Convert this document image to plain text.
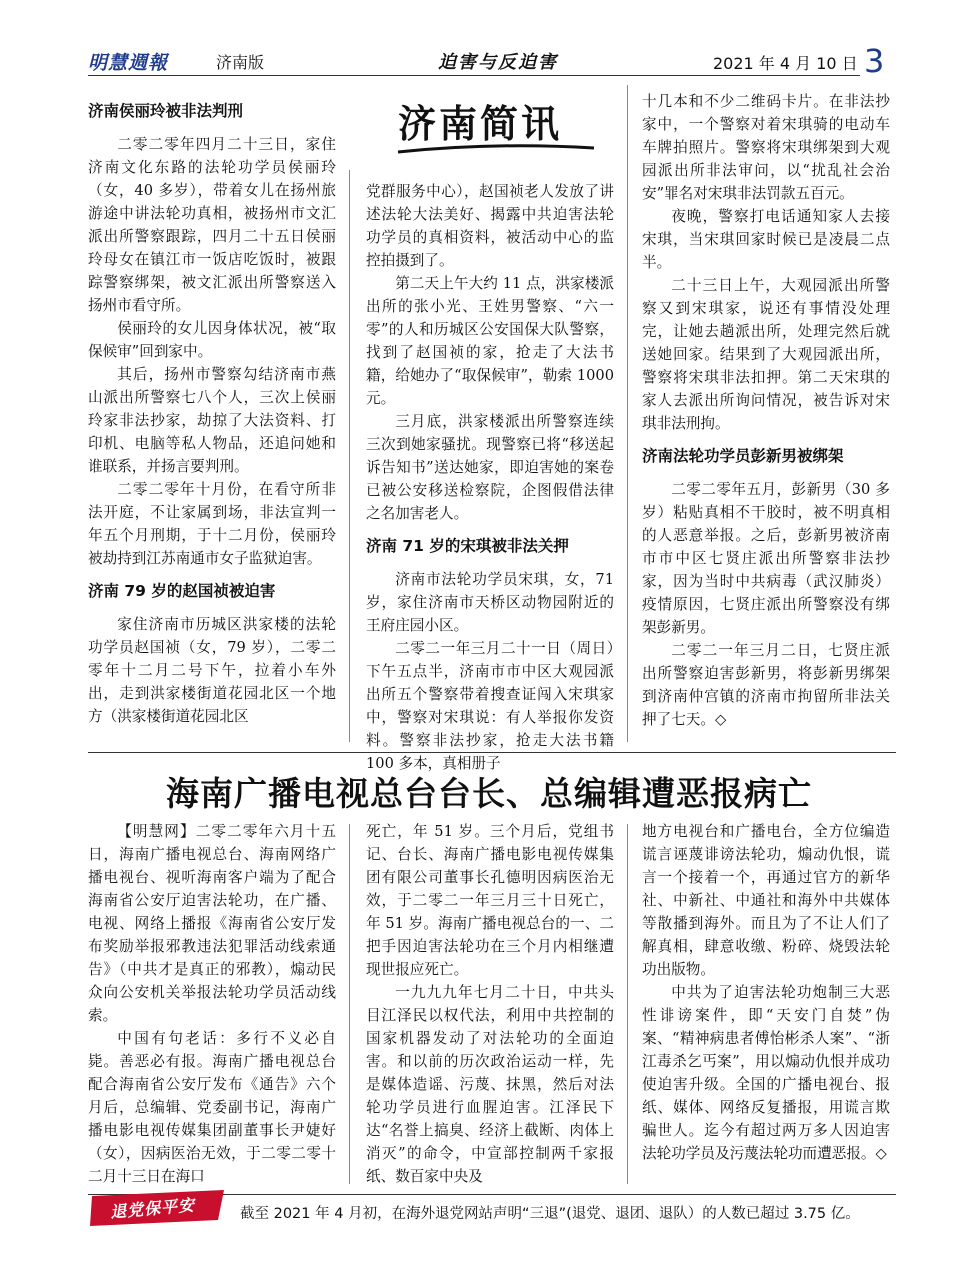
明慧週報	济南版	迫害与反迫害	2021 年 4 月 10 日 3
济南简讯
济南侯丽玲被非法判刑

二零二零年四月二十三日，家住济南文化东路的法轮功学员侯丽玲（女，40 多岁），带着女儿在扬州旅游途中讲法轮功真相，被扬州市文汇派出所警察跟踪，四月二十五日侯丽玲母女在镇江市一饭店吃饭时，被跟踪警察绑架，被文汇派出所警察送入扬州市看守所。

侯丽玲的女儿因身体状况，被“取保候审”回到家中。

其后，扬州市警察勾结济南市燕山派出所警察七八个人，三次上侯丽玲家非法抄家，劫掠了大法资料、打印机、电脑等私人物品，还追问她和谁联系，并扬言要判刑。

二零二零年十月份，在看守所非法开庭，不让家属到场，非法宣判一年五个月刑期，于十二月份，侯丽玲被劫持到江苏南通市女子监狱迫害。

济南 79 岁的赵国祯被迫害

家住济南市历城区洪家楼的法轮功学员赵国祯（女，79 岁），二零二零年十二月二号下午，拉着小车外出，走到洪家楼街道花园北区一个地方（洪家楼街道花园北区

党群服务中心），赵国祯老人发放了讲述法轮大法美好、揭露中共迫害法轮功学员的真相资料，被活动中心的监控拍摄到了。

第二天上午大约 11 点，洪家楼派出所的张小光、王姓男警察、“六一零”的人和历城区公安国保大队警察，找到了赵国祯的家，抢走了大法书籍，给她办了“取保候审”，勒索 1000 元。

三月底，洪家楼派出所警察连续三次到她家骚扰。现警察已将“移送起诉告知书”送达她家，即迫害她的案卷已被公安移送检察院，企图假借法律之名加害老人。

济南 71 岁的宋琪被非法关押

济南市法轮功学员宋琪，女，71 岁，家住济南市天桥区动物园附近的王府庄园小区。

二零二一年三月二十一日（周日）下午五点半，济南市市中区大观园派出所五个警察带着搜查证闯入宋琪家中，警察对宋琪说：有人举报你发资料。警察非法抄家，抢走大法书籍 100 多本，真相册子

十几本和不少二维码卡片。在非法抄家中，一个警察对着宋琪骑的电动车车牌拍照片。警察将宋琪绑架到大观园派出所非法审问，以“扰乱社会治安”罪名对宋琪非法罚款五百元。

夜晚，警察打电话通知家人去接宋琪，当宋琪回家时候已是凌晨二点半。

二十三日上午，大观园派出所警察又到宋琪家，说还有事情没处理完，让她去趟派出所，处理完然后就送她回家。结果到了大观园派出所，警察将宋琪非法扣押。第二天宋琪的家人去派出所询问情况，被告诉对宋琪非法刑拘。

济南法轮功学员彭新男被绑架

二零二零年五月，彭新男（30 多岁）粘贴真相不干胶时，被不明真相的人恶意举报。之后，彭新男被济南市市中区七贤庄派出所警察非法抄家，因为当时中共病毒（武汉肺炎）疫情原因，七贤庄派出所警察没有绑架彭新男。

二零二一年三月二日，七贤庄派出所警察迫害彭新男，将彭新男绑架到济南仲宫镇的济南市拘留所非法关押了七天。◇

海南广播电视总台台长、总编辑遭恶报病亡

【明慧网】二零二零年六月十五日，海南广播电视总台、海南网络广播电视台、视听海南客户端为了配合海南省公安厅迫害法轮功，在广播、电视、网络上播报《海南省公安厅发布奖励举报邪教违法犯罪活动线索通告》（中共才是真正的邪教），煽动民众向公安机关举报法轮功学员活动线索。

中国有句老话：多行不义必自毙。善恶必有报。海南广播电视总台配合海南省公安厅发布《通告》六个月后，总编辑、党委副书记，海南广播电影电视传媒集团副董事长尹婕好（女），因病医治无效，于二零二零十二月十三日在海口

死亡，年 51 岁。三个月后，党组书记、台长、海南广播电影电视传媒集团有限公司董事长孔德明因病医治无效，于二零二一年三月三十日死亡，年 51 岁。海南广播电视总台的一、二把手因迫害法轮功在三个月内相继遭现世报应死亡。

一九九九年七月二十日，中共头目江泽民以权代法，利用中共控制的国家机器发动了对法轮功的全面迫害。和以前的历次政治运动一样，先是媒体造谣、污蔑、抹黑，然后对法轮功学员进行血腥迫害。江泽民下达“名誉上搞臭、经济上截断、肉体上消灭”的命令，中宣部控制两千家报纸、数百家中央及

地方电视台和广播电台，全方位编造谎言诬蔑诽谤法轮功，煽动仇恨，谎言一个接着一个，再通过官方的新华社、中新社、中通社和海外中共媒体等散播到海外。而且为了不让人们了解真相，肆意收缴、粉碎、烧毁法轮功出版物。

中共为了迫害法轮功炮制三大恶性诽谤案件，即“天安门自焚”伪案、“精神病患者傅怡彬杀人案”、“浙江毒杀乞丐案”，用以煽动仇恨并成功使迫害升级。全国的广播电视台、报纸、媒体、网络反复播报，用谎言欺骗世人。迄今有超过两万多人因迫害法轮功学员及污蔑法轮功而遭恶报。◇

退党保平安	截至 2021 年 4 月初，在海外退党网站声明“三退”(退党、退团、退队）的人数已超过 3.75 亿。
